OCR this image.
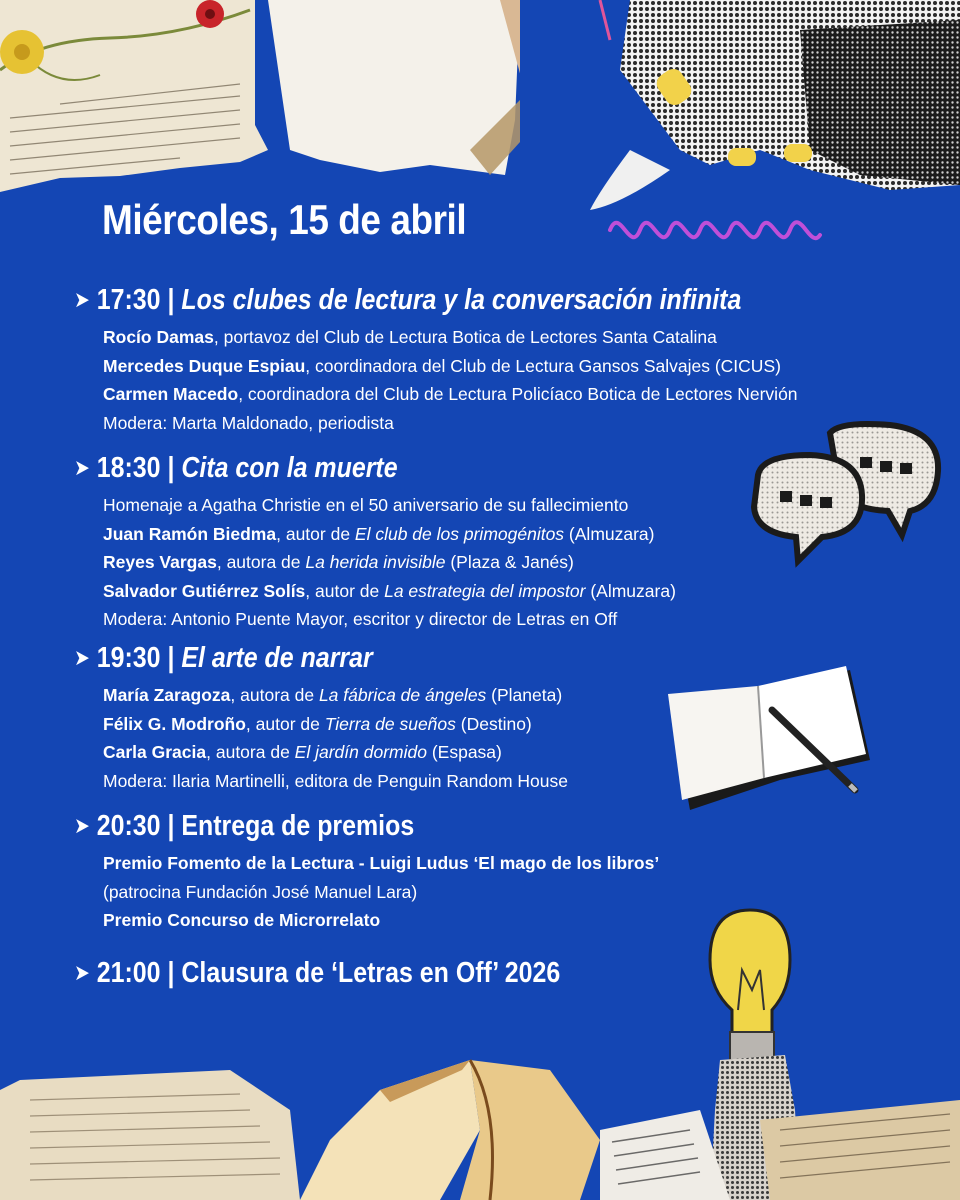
Miércoles, 15 de abril
➤ 17:30 | Los clubes de lectura y la conversación infinita
Rocío Damas, portavoz del Club de Lectura Botica de Lectores Santa Catalina
Mercedes Duque Espiau, coordinadora del Club de Lectura Gansos Salvajes (CICUS)
Carmen Macedo, coordinadora del Club de Lectura Policíaco Botica de Lectores Nervión
Modera: Marta Maldonado, periodista
➤ 18:30 | Cita con la muerte
Homenaje a Agatha Christie en el 50 aniversario de su fallecimiento
Juan Ramón Biedma, autor de El club de los primogénitos (Almuzara)
Reyes Vargas, autora de La herida invisible (Plaza & Janés)
Salvador Gutiérrez Solís, autor de La estrategia del impostor (Almuzara)
Modera: Antonio Puente Mayor, escritor y director de Letras en Off
➤ 19:30 | El arte de narrar
María Zaragoza, autora de La fábrica de ángeles (Planeta)
Félix G. Modroño, autor de Tierra de sueños (Destino)
Carla Gracia, autora de El jardín dormido (Espasa)
Modera: Ilaria Martinelli, editora de Penguin Random House
➤ 20:30 | Entrega de premios
Premio Fomento de la Lectura - Luigi Ludus ‘El mago de los libros’
(patrocina Fundación José Manuel Lara)
Premio Concurso de Microrrelato
➤ 21:00 | Clausura de ‘Letras en Off’ 2026
